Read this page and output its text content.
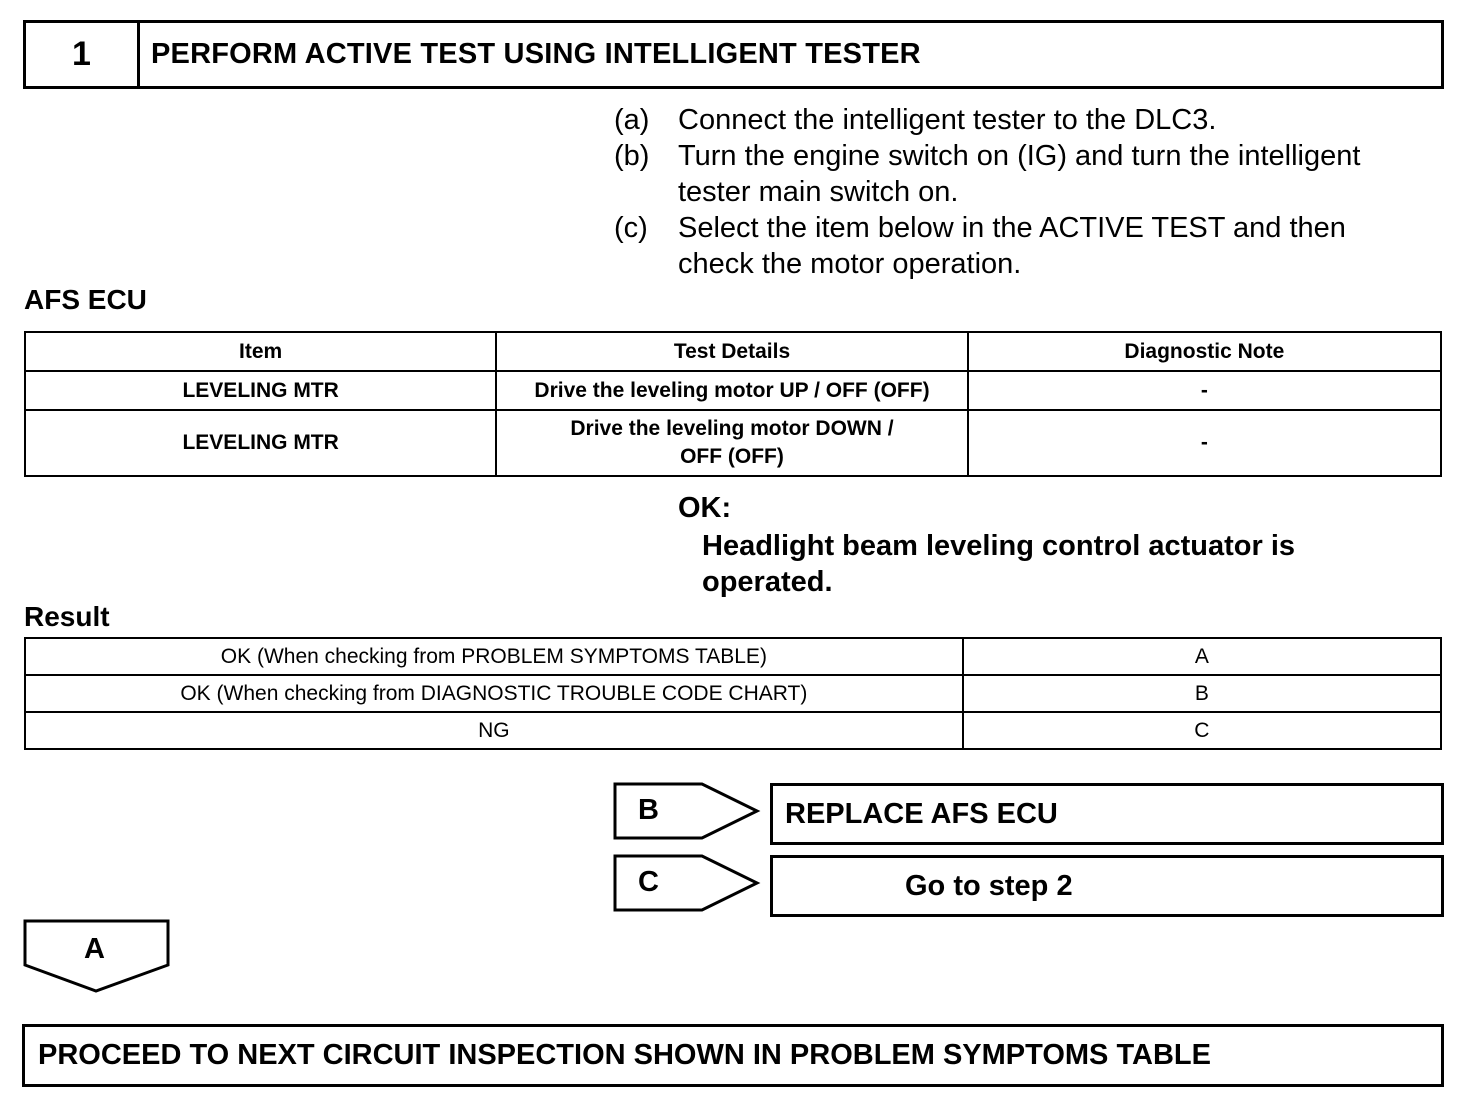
1	PERFORM ACTIVE TEST USING INTELLIGENT TESTER
(a) Connect the intelligent tester to the DLC3.
(b) Turn the engine switch on (IG) and turn the intelligent tester main switch on.
(c)	Select the item below in the ACTIVE TEST and then check the motor operation.
AFS ECU
Item	Test Details	Diagnostic Note
LEVELING MTR	Drive the leveling motor UP / OFF (OFF)	-
LEVELING MTR	Drive the leveling motor DOWN / OFF (OFF)	-
OK:
Headlight beam leveling control actuator is operated.
Result
OK (When checking from PROBLEM SYMPTOMS TABLE)	A
OK (When checking from DIAGNOSTIC TROUBLE CODE CHART)	B
NG	C
B	REPLACE AFS ECU
C	Go to step 2
A
PROCEED TO NEXT CIRCUIT INSPECTION SHOWN IN PROBLEM SYMPTOMS TABLE
